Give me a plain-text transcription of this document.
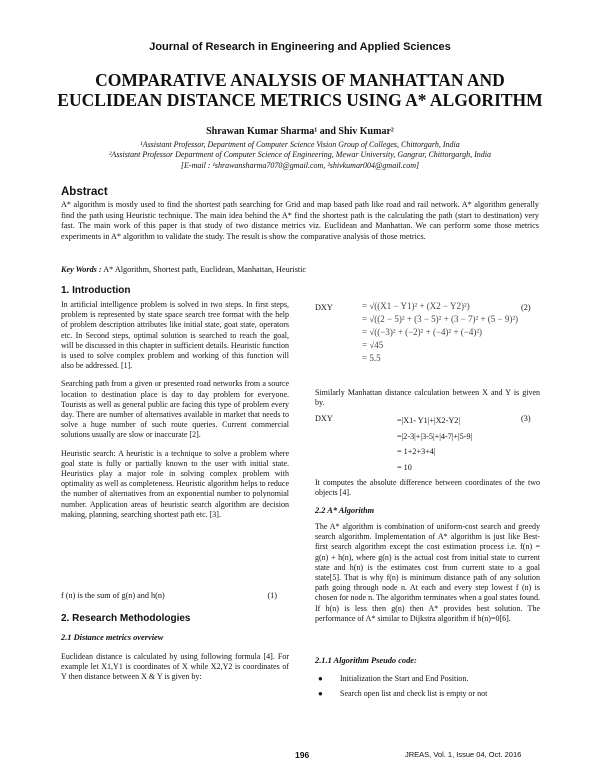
Journal of Research in Engineering and Applied Sciences
COMPARATIVE ANALYSIS OF MANHATTAN AND
EUCLIDEAN DISTANCE METRICS USING A* ALGORITHM
Shrawan Kumar Sharma¹ and Shiv Kumar²
¹Assistant Professor, Department of Computer Science Vision Group of Colleges, Chittorgarh, India
²Assistant Professor Department of Computer Science of Engineering, Mewar University, Gangrar, Chittorgargh, India
[E-mail : ¹shrawansharma7070@gmail.com, ²shivkumar004@gmail.com]
Abstract
A* algorithm is mostly used to find the shortest path searching for Grid and map based path like road and rail network. A* algorithm generally find the path using Heuristic technique. The main idea behind the A* find the shortest path is the calculating the path (start to destination) very fast. The main work of this paper is that study of two distance metrics viz. Euclidean and Manhattan. We can perform some those metrics experiments in A* algorithm to validate the study. The result is show the comparative analysis of those metrics.
Key Words : A* Algorithm, Shortest path, Euclidean, Manhattan, Heuristic
1. Introduction

In artificial intelligence problem is solved in two steps. In first steps, problem is represented by state space search tree format with the help of problem description attributes like initial state, goat state, operators etc. In Second steps, optimal solution is searched to reach the goal, will be discussed in this chapter in sufficient details. Heuristic function is used to solve complex problem and working of this function will also be addressed. [1].

Searching path from a given or presented road networks from a source location to destination place is day to day problem for everyone. Tourists as well as general public are facing this type of problem every day. There are number of alternatives available in market that needs to solve a huge number of such route queries. Current commercial solutions usually are slow or inaccurate [2].

Heuristic search: A heuristic is a technique to solve a problem where goal state is fully or partially known to the user with initial state. Heuristics play a major role in solving complex problem with optimality as well as completeness. Heuristic algorithm helps to reduce the number of alternatives from an exponential number to polynomial number. Application areas of heuristic search algorithm are decision making, planning, searching shortest path etc. [3].

f (n) is the sum of g(n) and h(n)	(1)
2. Research Methodologies
2.1 Distance metrics overview
Euclidean distance is calculated by using following formula [4]. For example let X1,Y1 is coordinates of X while X2,Y2 is coordinates of Y then distance between X & Y is given by:
DXY	(2)
= √((X1 − Y1)² + (X2 − Y2)²)
= √((2 − 5)² + (3 − 5)² + (3 − 7)² + (5 − 9)²)
= √((−3)² + (−2)² + (−4)² + (−4)²)
= √45
= 5.5
Similarly Manhattan distance calculation between X and Y is given by.
DXY	(3)
=|X1- Y1|+|X2-Y2|
=|2-3|+|3-5|+|4-7|+|5-9|
= 1+2+3+4|
= 10
It computes the absolute difference between coordinates of the two objects [4].
2.2 A* Algorithm
The A* algorithm is combination of uniform-cost search and greedy search algorithm. Implementation of A* algorithm is just like Best-first search algorithm except the cost estimation process i.e. f(n) = g(n) + h(n), where g(n) is the actual cost from initial state to current state and h(n) is the estimates cost from current state to a goal state[5]. That is why f(n) is minimum distance path of any solution path going through node n. At each and every step lowest f (n) is chosen for node n. The algorithm terminates when a goal states found. If h(n) is less then g(n) then A* provides best solution. The performance of A* similar to Dijkstra algorithm if h(n)=0[6].
2.1.1 Algorithm Pseudo code:
● Initialization the Start and End Position.
● Search open list and check list is empty or not
196	JREAS, Vol. 1, Issue 04, Oct. 2016
